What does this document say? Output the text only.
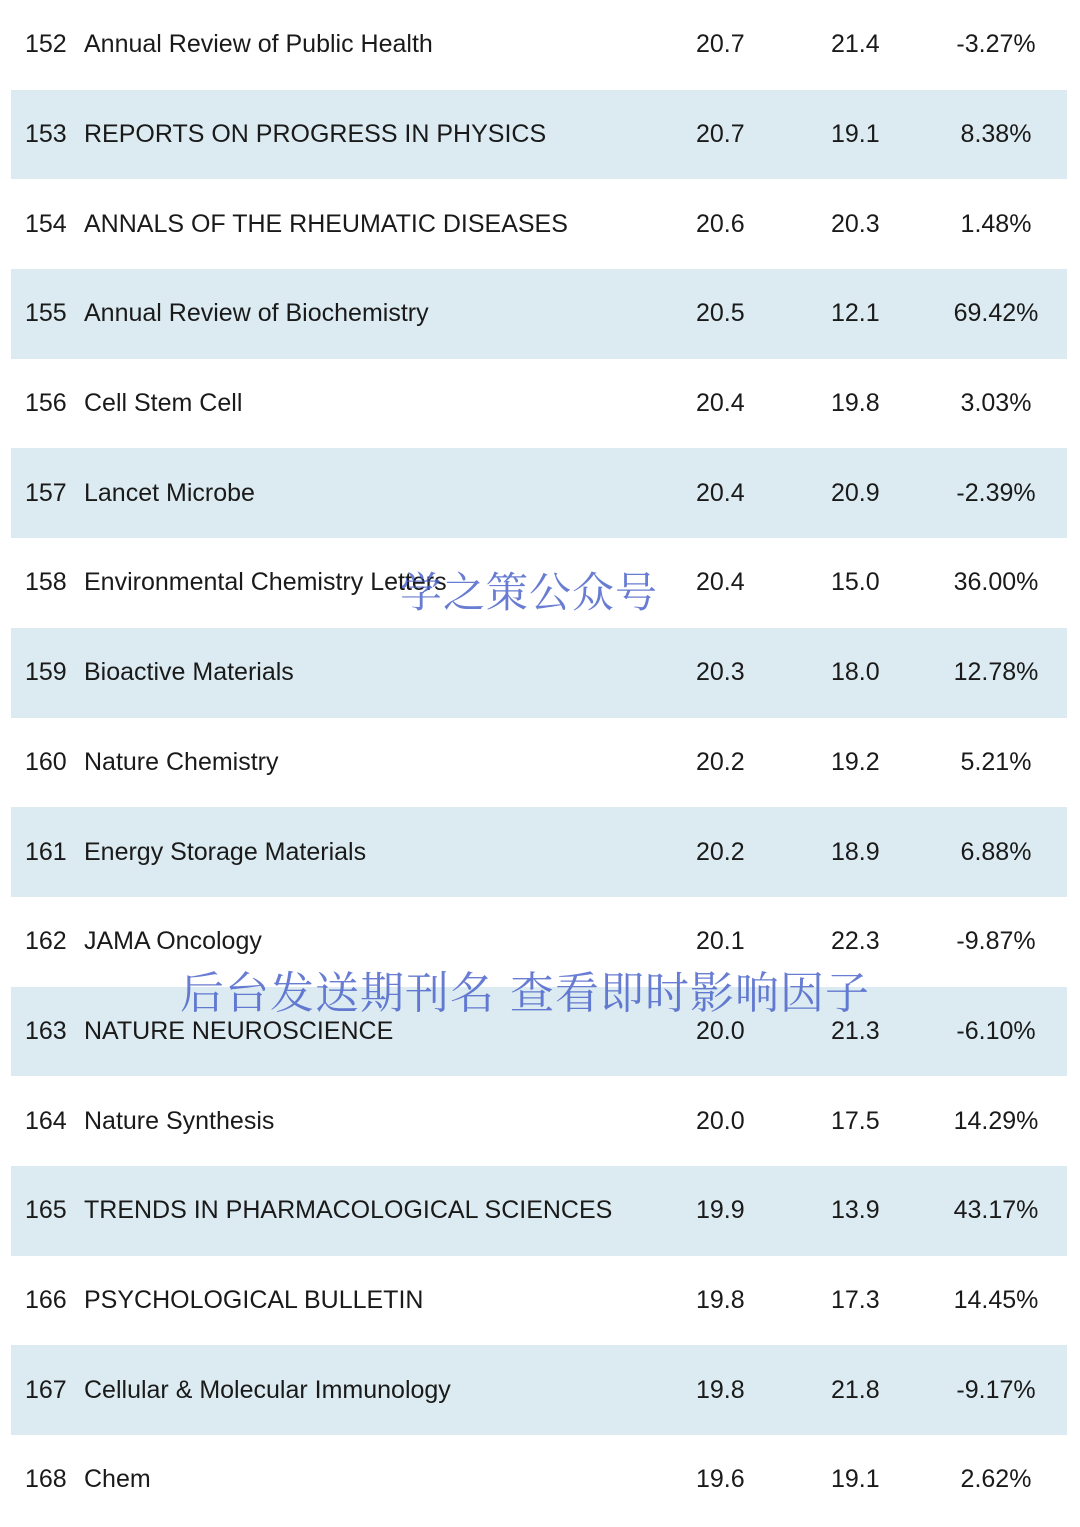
152 Annual Review of Public Health	20.7	21.4	-3.27%
153 REPORTS ON PROGRESS IN PHYSICS	20.7	19.1	8.38%
154 ANNALS OF THE RHEUMATIC DISEASES	20.6	20.3	1.48%
155 Annual Review of Biochemistry	20.5	12.1	69.42%
156 Cell Stem Cell	20.4	19.8	3.03%
157 Lancet Microbe	20.4	20.9	-2.39%
158 Environmental Chemistry Letters	20.4	15.0	36.00%
159 Bioactive Materials	20.3	18.0	12.78%
160 Nature Chemistry	20.2	19.2	5.21%
161 Energy Storage Materials	20.2	18.9	6.88%
162 JAMA Oncology	20.1	22.3	-9.87%
163 NATURE NEUROSCIENCE	20.0	21.3	-6.10%
164 Nature Synthesis	20.0	17.5	14.29%
165 TRENDS IN PHARMACOLOGICAL SCIENCES	19.9	13.9	43.17%
166 PSYCHOLOGICAL BULLETIN	19.8	17.3	14.45%
167 Cellular & Molecular Immunology	19.8	21.8	-9.17%
168 Chem	19.6	19.1	2.62%
学之策公众号
后台发送期刊名 查看即时影响因子
